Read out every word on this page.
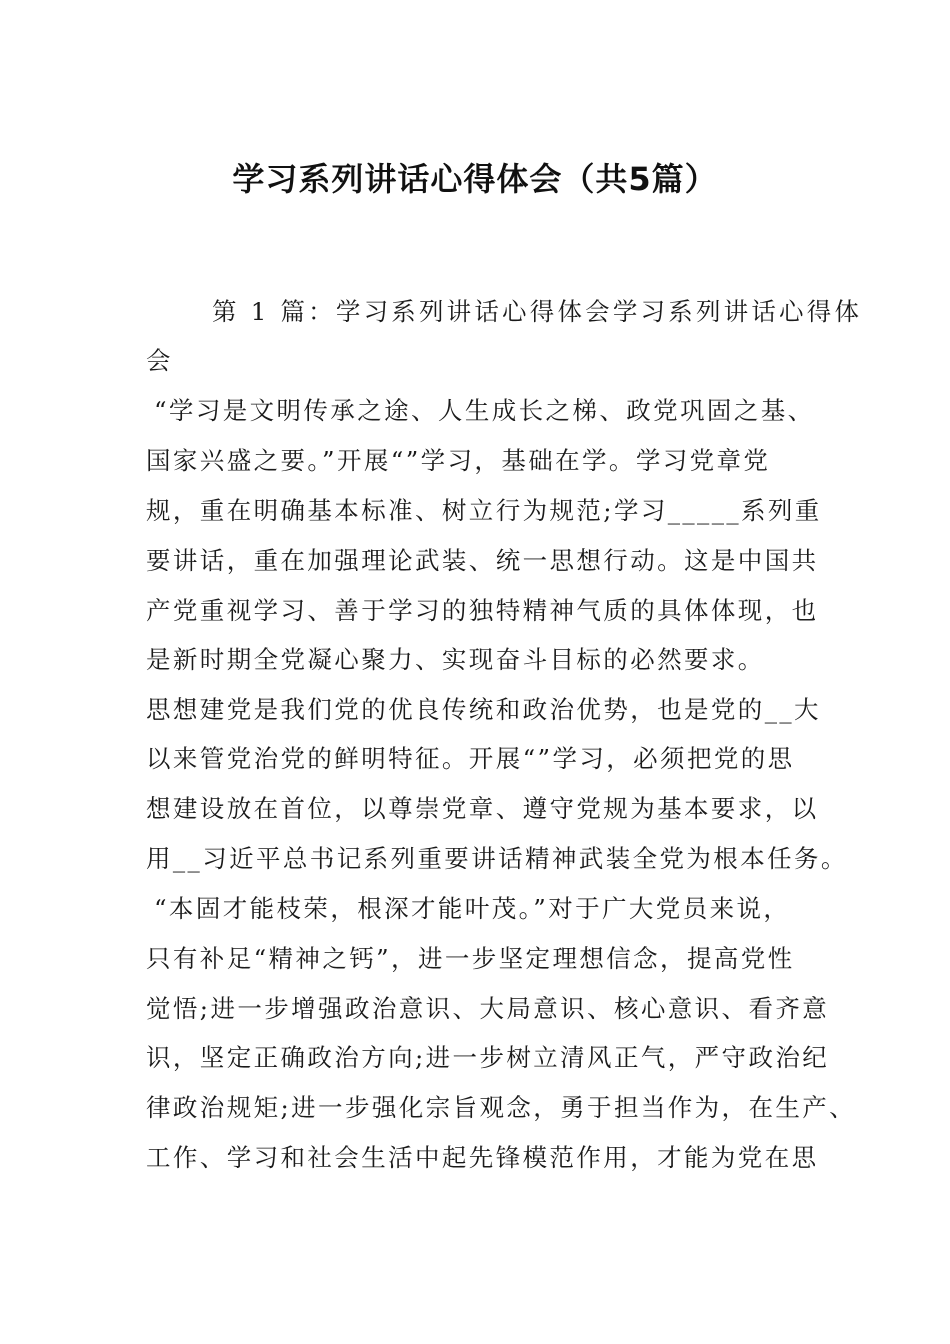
学习系列讲话心得体会（共5篇）
第 1 篇：学习系列讲话心得体会学习系列讲话心得体
会
“学习是文明传承之途、人生成长之梯、政党巩固之基、
国家兴盛之要。”开展“”学习，基础在学。学习党章党
规，重在明确基本标准、树立行为规范;学习_____系列重
要讲话，重在加强理论武装、统一思想行动。这是中国共
产党重视学习、善于学习的独特精神气质的具体体现，也
是新时期全党凝心聚力、实现奋斗目标的必然要求。
思想建党是我们党的优良传统和政治优势，也是党的__大
以来管党治党的鲜明特征。开展“”学习，必须把党的思
想建设放在首位，以尊崇党章、遵守党规为基本要求，以
用__习近平总书记系列重要讲话精神武装全党为根本任务。
“本固才能枝荣，根深才能叶茂。”对于广大党员来说，
只有补足“精神之钙”，进一步坚定理想信念，提高党性
觉悟;进一步增强政治意识、大局意识、核心意识、看齐意
识，坚定正确政治方向;进一步树立清风正气，严守政治纪
律政治规矩;进一步强化宗旨观念，勇于担当作为，在生产、
工作、学习和社会生活中起先锋模范作用，才能为党在思
